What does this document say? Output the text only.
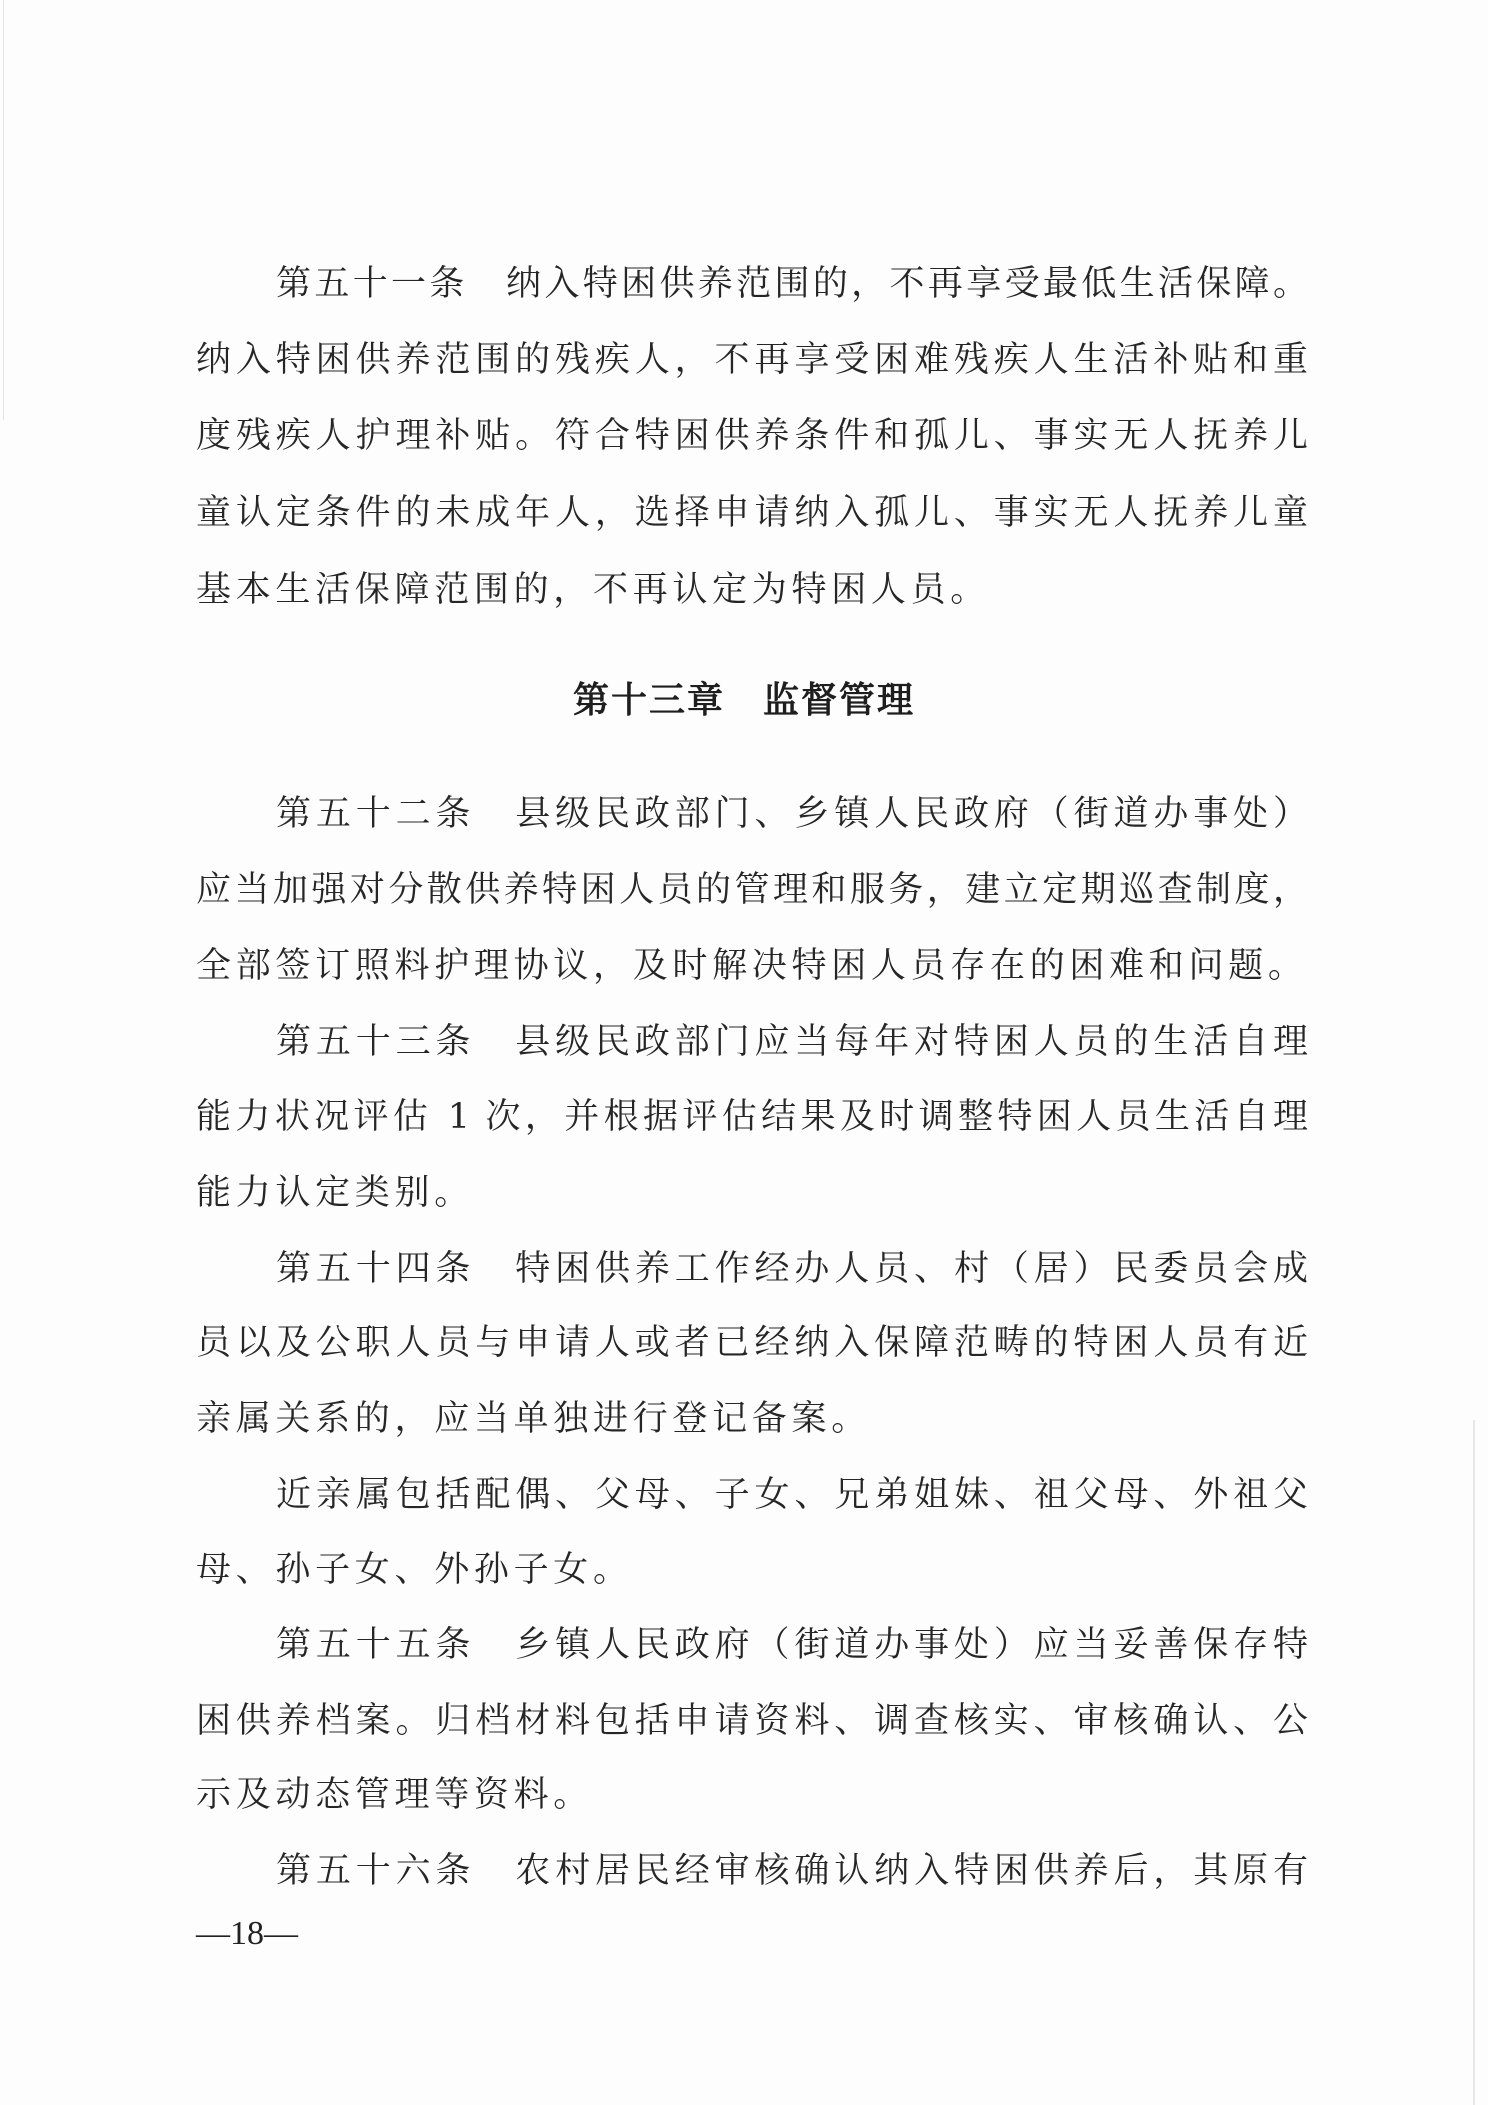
第五十一条　纳入特困供养范围的，不再享受最低生活保障。
纳入特困供养范围的残疾人，不再享受困难残疾人生活补贴和重
度残疾人护理补贴。符合特困供养条件和孤儿、事实无人抚养儿
童认定条件的未成年人，选择申请纳入孤儿、事实无人抚养儿童
基本生活保障范围的，不再认定为特困人员。
第十三章　监督管理
第五十二条　县级民政部门、乡镇人民政府（街道办事处）
应当加强对分散供养特困人员的管理和服务，建立定期巡查制度，
全部签订照料护理协议，及时解决特困人员存在的困难和问题。
第五十三条　县级民政部门应当每年对特困人员的生活自理
能力状况评估 1 次，并根据评估结果及时调整特困人员生活自理
能力认定类别。
第五十四条　特困供养工作经办人员、村（居）民委员会成
员以及公职人员与申请人或者已经纳入保障范畴的特困人员有近
亲属关系的，应当单独进行登记备案。
近亲属包括配偶、父母、子女、兄弟姐妹、祖父母、外祖父
母、孙子女、外孙子女。
第五十五条　乡镇人民政府（街道办事处）应当妥善保存特
困供养档案。归档材料包括申请资料、调查核实、审核确认、公
示及动态管理等资料。
第五十六条　农村居民经审核确认纳入特困供养后，其原有
—18—
